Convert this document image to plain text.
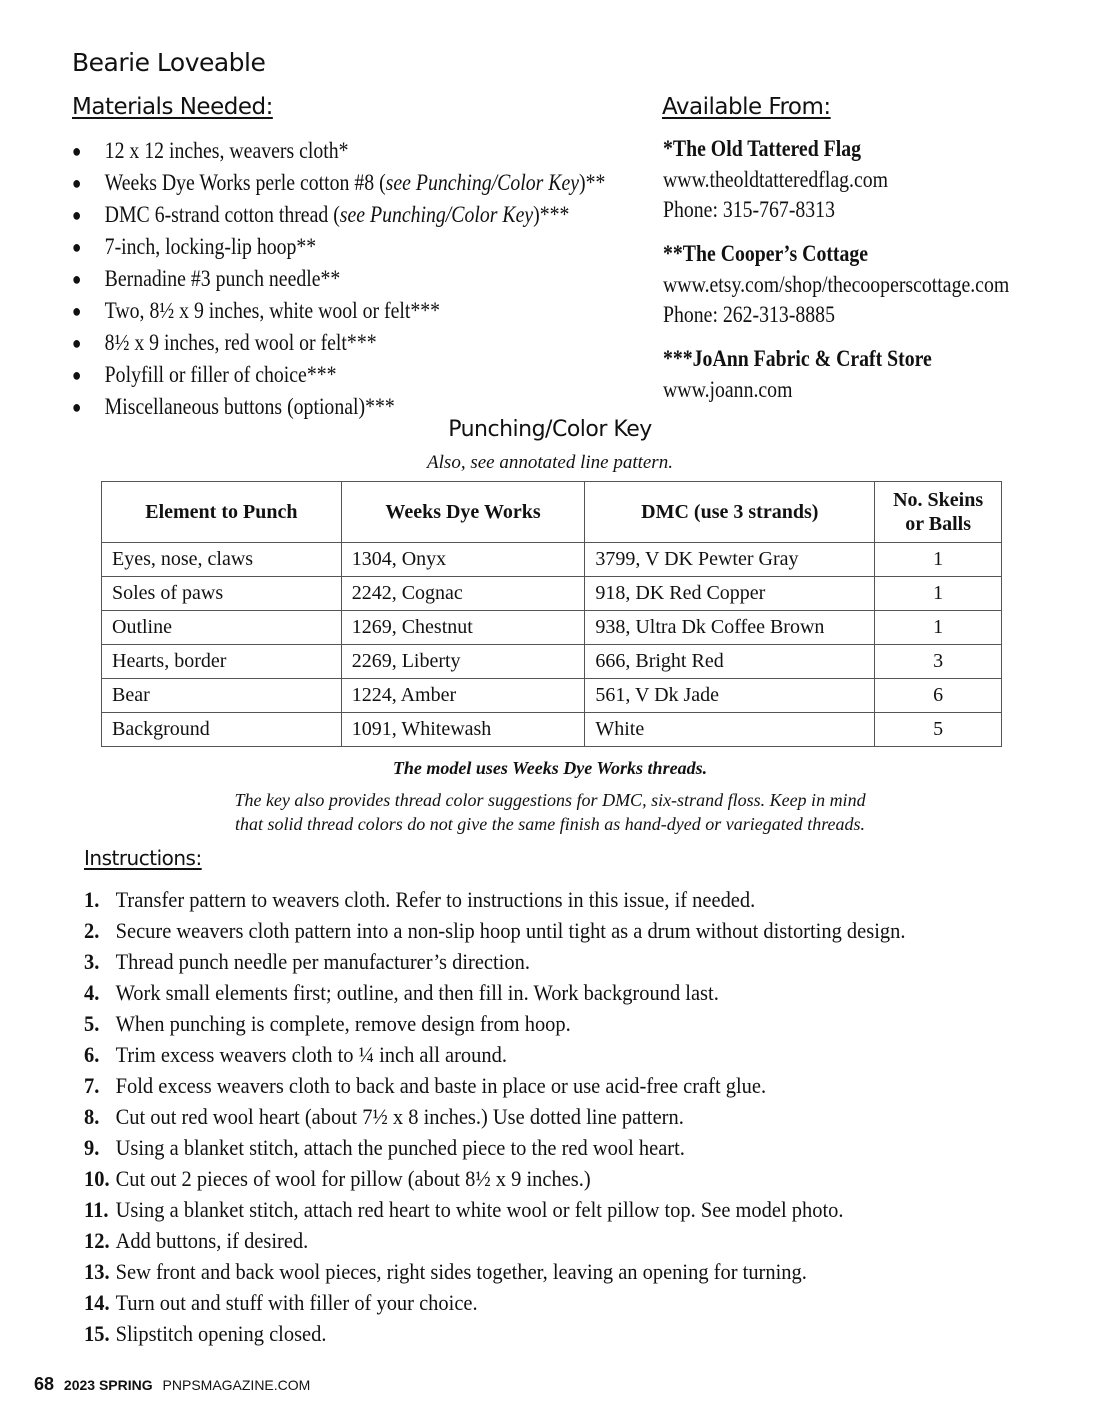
Bearie Loveable
Materials Needed:
●	12 x 12 inches, weavers cloth*
●	Weeks Dye Works perle cotton #8 (see Punching/Color Key)**
●	DMC 6-strand cotton thread (see Punching/Color Key)***
●	7-inch, locking-lip hoop**
●	Bernadine #3 punch needle**
●	Two, 8½ x 9 inches, white wool or felt***
●	8½ x 9 inches, red wool or felt***
●	Polyfill or filler of choice***
●	Miscellaneous buttons (optional)***
Available From:
*The Old Tattered Flag
www.theoldtatteredflag.com
Phone: 315-767-8313
**The Cooper’s Cottage
www.etsy.com/shop/thecooperscottage.com
Phone: 262-313-8885
***JoAnn Fabric & Craft Store
www.joann.com
Punching/Color Key
Also, see annotated line pattern.
Element to Punch	Weeks Dye Works	DMC (use 3 strands)	No. Skeins or Balls
Eyes, nose, claws	1304, Onyx	3799, V DK Pewter Gray	1
Soles of paws	2242, Cognac	918, DK Red Copper	1
Outline	1269, Chestnut	938, Ultra Dk Coffee Brown	1
Hearts, border	2269, Liberty	666, Bright Red	3
Bear	1224, Amber	561, V Dk Jade	6
Background	1091, Whitewash	White	5
The model uses Weeks Dye Works threads.
The key also provides thread color suggestions for DMC, six-strand floss. Keep in mind
that solid thread colors do not give the same finish as hand-dyed or variegated threads.
Instructions:
1. Transfer pattern to weavers cloth. Refer to instructions in this issue, if needed.
2. Secure weavers cloth pattern into a non-slip hoop until tight as a drum without distorting design.
3. Thread punch needle per manufacturer’s direction.
4. Work small elements first; outline, and then fill in. Work background last.
5. When punching is complete, remove design from hoop.
6. Trim excess weavers cloth to ¼ inch all around.
7. Fold excess weavers cloth to back and baste in place or use acid-free craft glue.
8. Cut out red wool heart (about 7½ x 8 inches.) Use dotted line pattern.
9. Using a blanket stitch, attach the punched piece to the red wool heart.
10. Cut out 2 pieces of wool for pillow (about 8½ x 9 inches.)
11. Using a blanket stitch, attach red heart to white wool or felt pillow top. See model photo.
12. Add buttons, if desired.
13. Sew front and back wool pieces, right sides together, leaving an opening for turning.
14. Turn out and stuff with filler of your choice.
15. Slipstitch opening closed.
68 2023 SPRING PNPSMAGAZINE.COM
